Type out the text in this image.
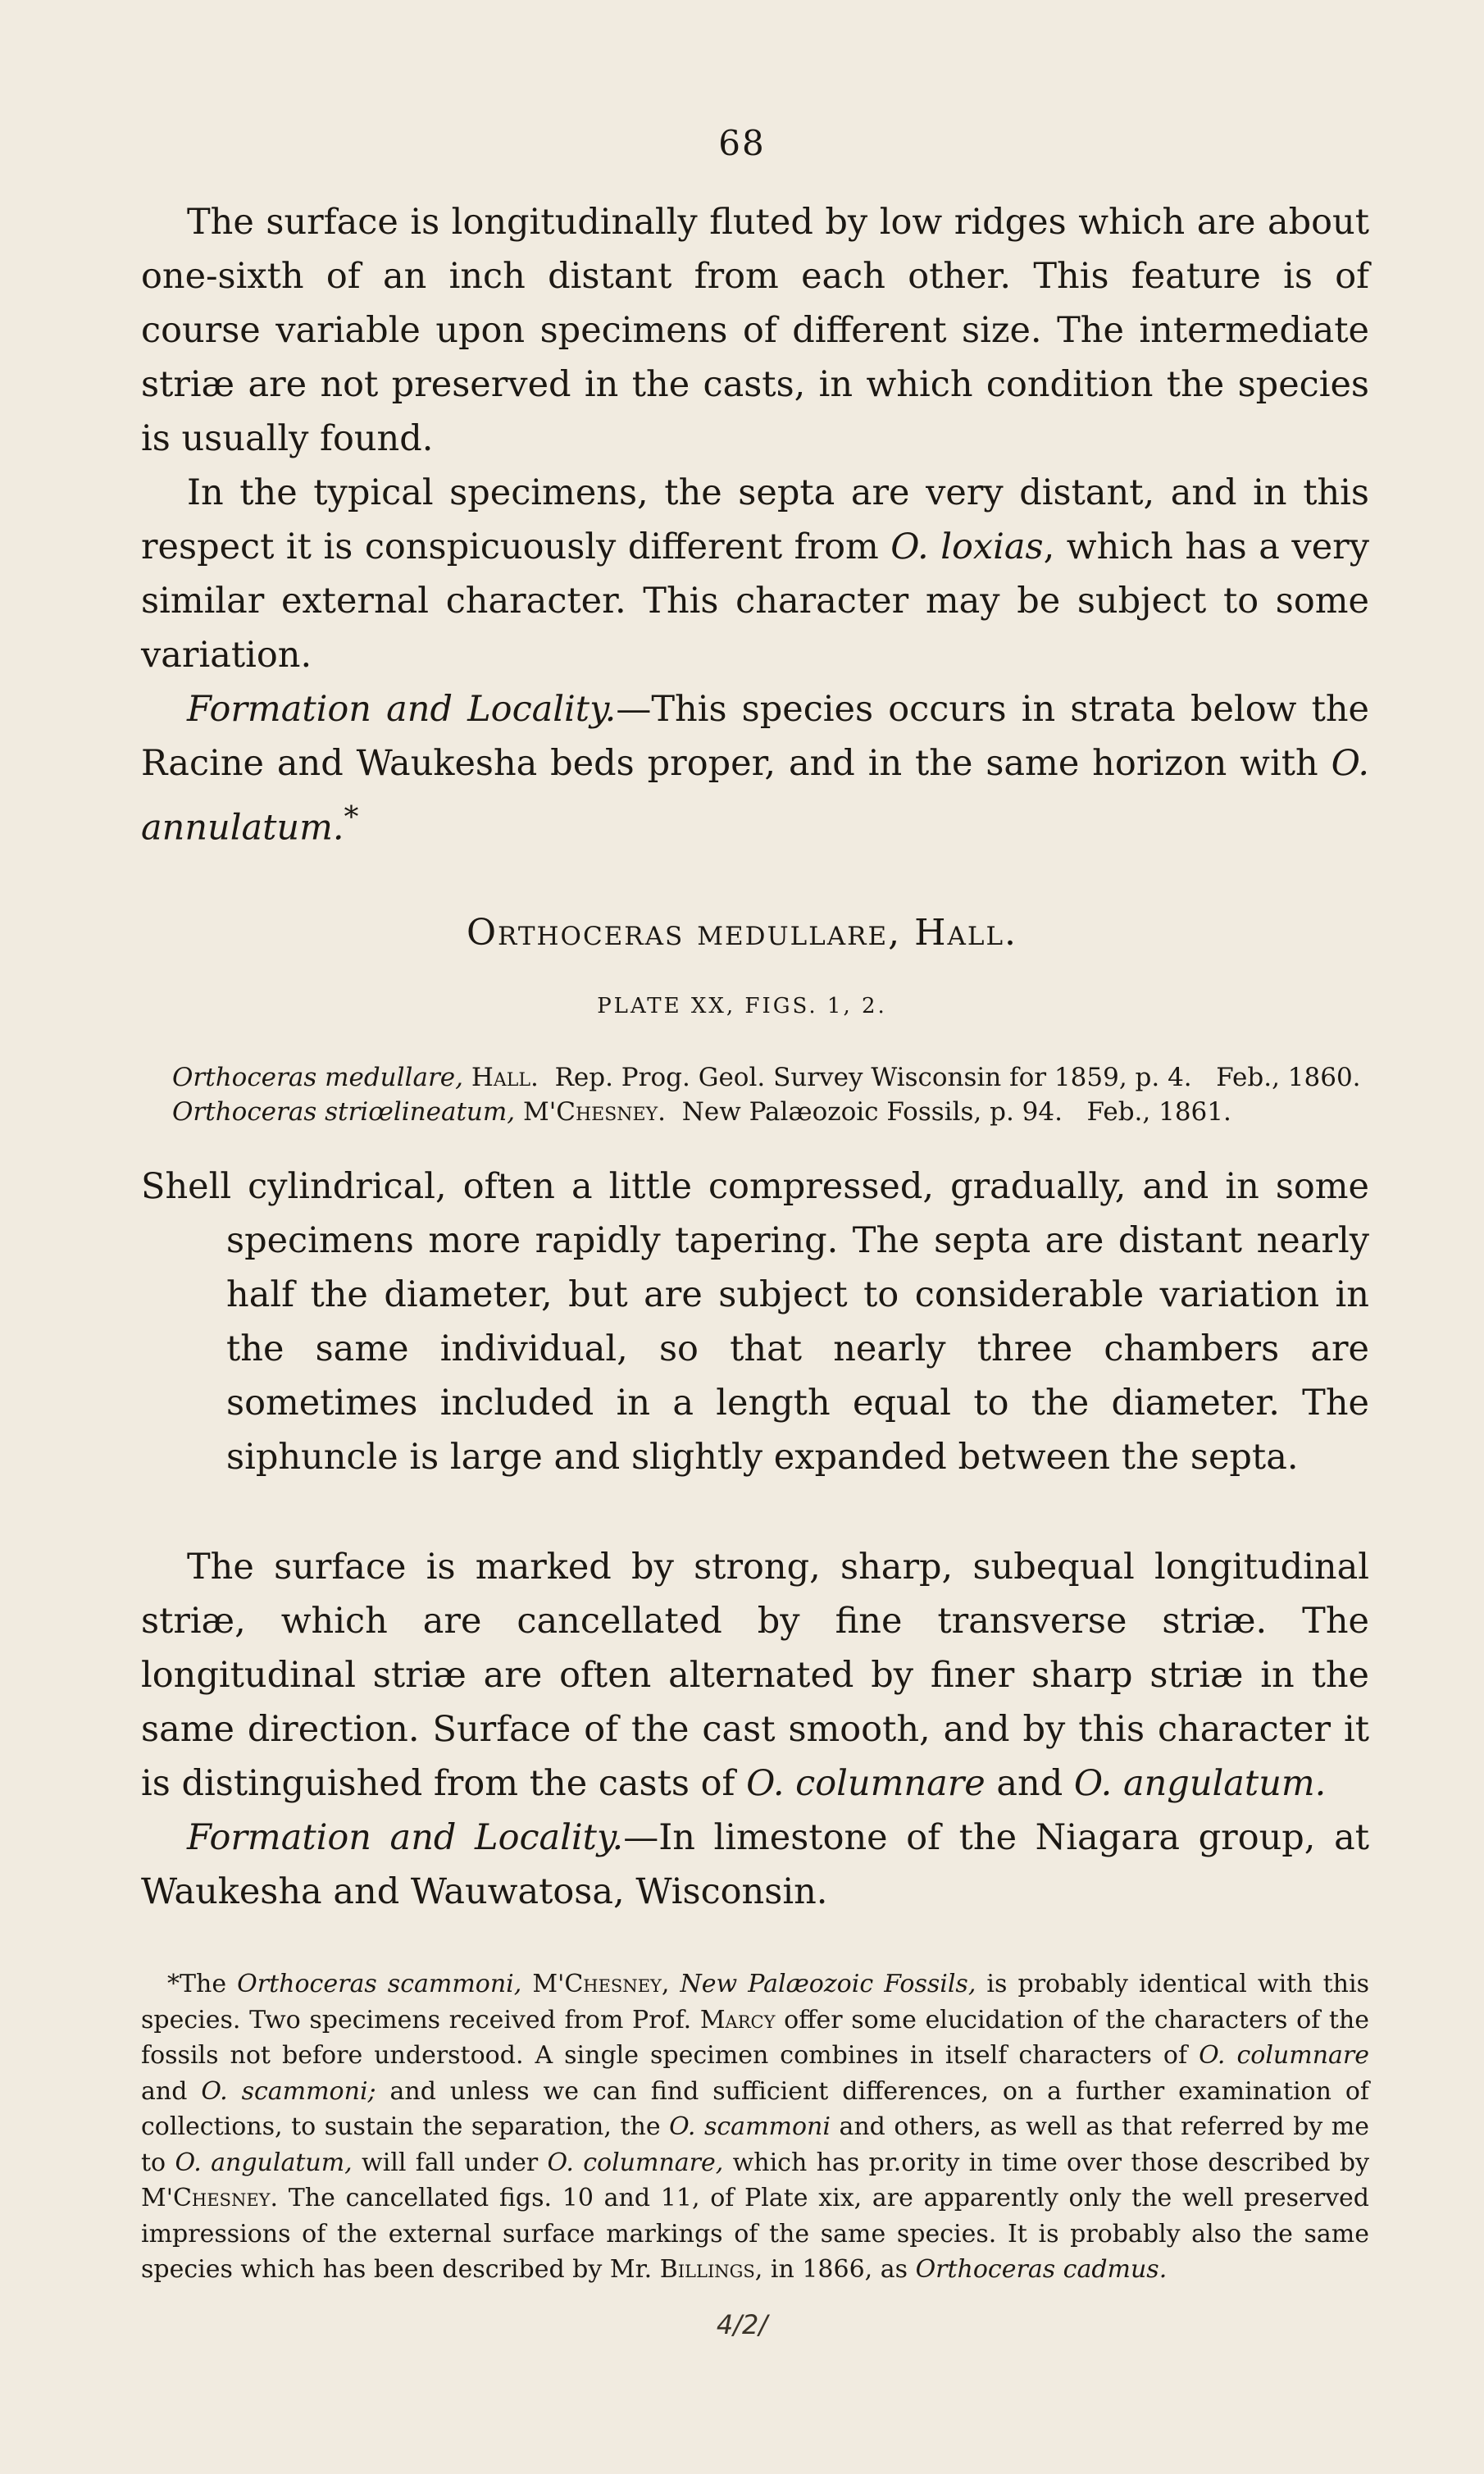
68

The surface is longitudinally fluted by low ridges which are about one-sixth of an inch distant from each other. This feature is of course variable upon specimens of different size. The intermediate striæ are not preserved in the casts, in which condition the species is usually found.

In the typical specimens, the septa are very distant, and in this respect it is conspicuously different from O. loxias, which has a very similar external character. This character may be subject to some variation.

Formation and Locality.—This species occurs in strata below the Racine and Waukesha beds proper, and in the same horizon with O. annulatum.*

Orthoceras medullare, Hall.
PLATE XX, FIGS. 1, 2.
Orthoceras medullare, Hall. Rep. Prog. Geol. Survey Wisconsin for 1859, p. 4. Feb., 1860.
Orthoceras striœlineatum, M'Chesney. New Palæozoic Fossils, p. 94. Feb., 1861.

Shell cylindrical, often a little compressed, gradually, and in some specimens more rapidly tapering. The septa are distant nearly half the diameter, but are subject to considerable variation in the same individual, so that nearly three chambers are sometimes included in a length equal to the diameter. The siphuncle is large and slightly expanded between the septa.

The surface is marked by strong, sharp, subequal longitudinal striæ, which are cancellated by fine transverse striæ. The longitudinal striæ are often alternated by finer sharp striæ in the same direction. Surface of the cast smooth, and by this character it is distinguished from the casts of O. columnare and O. angulatum.

Formation and Locality.—In limestone of the Niagara group, at Waukesha and Wauwatosa, Wisconsin.

*The Orthoceras scammoni, M'Chesney, New Palæozoic Fossils, is probably identical with this species. Two specimens received from Prof. Marcy offer some elucidation of the characters of the fossils not before understood. A single specimen combines in itself characters of O. columnare and O. scammoni; and unless we can find sufficient differences, on a further examination of collections, to sustain the separation, the O. scammoni and others, as well as that referred by me to O. angulatum, will fall under O. columnare, which has pr.ority in time over those described by M'Chesney. The cancellated figs. 10 and 11, of Plate xix, are apparently only the well preserved impressions of the external surface markings of the same species. It is probably also the same species which has been described by Mr. Billings, in 1866, as Orthoceras cadmus.

4/2/
